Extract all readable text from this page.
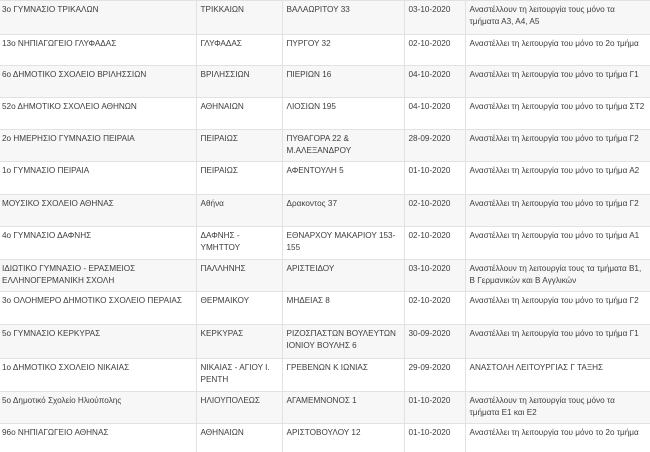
3ο ΓΥΜΝΑΣΙΟ ΤΡΙΚΑΛΩΝ	ΤΡΙΚΚΑΙΩΝ	ΒΑΛΑΩΡΙΤΟΥ 33	03-10-2020	Αναστέλλουν τη λειτουργία τους μόνο τα τμήματα Α3, Α4, Α5
13ο ΝΗΠΙΑΓΩΓΕΙΟ ΓΛΥΦΑΔΑΣ	ΓΛΥΦΑΔΑΣ	ΠΥΡΓΟΥ 32	02-10-2020	Αναστέλλει τη λειτουργία του μόνο το 2ο τμήμα
6ο ΔΗΜΟΤΙΚΟ ΣΧΟΛΕΙΟ ΒΡΙΛΗΣΣΙΩΝ	ΒΡΙΛΗΣΣΙΩΝ	ΠΙΕΡΙΩΝ 16	04-10-2020	Αναστέλλει τη λειτουργία του μόνο το τμήμα Γ1
52ο ΔΗΜΟΤΙΚΟ ΣΧΟΛΕΙΟ ΑΘΗΝΩΝ	ΑΘΗΝΑΙΩΝ	ΛΙΟΣΙΩΝ 195	04-10-2020	Αναστέλλει τη λειτουργία του μόνο το τμήμα ΣΤ2
2ο ΗΜΕΡΗΣΙΟ ΓΥΜΝΑΣΙΟ ΠΕΙΡΑΙΑ	ΠΕΙΡΑΙΩΣ	ΠΥΘΑΓΟΡΑ 22 & Μ.ΑΛΕΞΑΝΔΡΟΥ	28-09-2020	Αναστέλλει τη λειτουργία του μόνο το τμήμα Γ2
1ο ΓΥΜΝΑΣΙΟ ΠΕΙΡΑΙΑ	ΠΕΙΡΑΙΩΣ	ΑΦΕΝΤΟΥΛΗ 5	01-10-2020	Αναστέλλει τη λειτουργία του μόνο το τμήμα Α2
ΜΟΥΣΙΚΟ ΣΧΟΛΕΙΟ ΑΘΗΝΑΣ	Αθήνα	Δρακοντος 37	02-10-2020	Αναστέλλει τη λειτουργία του μόνο το τμήμα Γ2
4ο ΓΥΜΝΑΣΙΟ ΔΑΦΝΗΣ	ΔΑΦΝΗΣ - ΥΜΗΤΤΟΥ	ΕΘΝΑΡΧΟΥ ΜΑΚΑΡΙΟΥ 153-155	02-10-2020	Αναστέλλει τη λειτουργία του μόνο το τμήμα Α1
ΙΔΙΩΤΙΚΟ ΓΥΜΝΑΣΙΟ - ΕΡΑΣΜΕΙΟΣ ΕΛΛΗΝΟΓΕΡΜΑΝΙΚΗ ΣΧΟΛΗ	ΠΑΛΛΗΝΗΣ	ΑΡΙΣΤΕΙΔΟΥ	03-10-2020	Αναστέλλουν τη λειτουργία τους τα τμήματα Β1, Β Γερμανικών και Β Αγγλικών
3ο ΟΛΟΗΜΕΡΟ ΔΗΜΟΤΙΚΟ ΣΧΟΛΕΙΟ ΠΕΡΑΙΑΣ	ΘΕΡΜΑΙΚΟΥ	ΜΗΔΕΙΑΣ 8	02-10-2020	Αναστέλλει τη λειτουργία του μόνο το τμήμα Γ2
5ο ΓΥΜΝΑΣΙΟ ΚΕΡΚΥΡΑΣ	ΚΕΡΚΥΡΑΣ	ΡΙΖΟΣΠΑΣΤΩΝ ΒΟΥΛΕΥΤΩΝ ΙΟΝΙΟΥ ΒΟΥΛΗΣ 6	30-09-2020	Αναστέλλει τη λειτουργία του μόνο το τμήμα Γ1
1ο ΔΗΜΟΤΙΚΟ ΣΧΟΛΕΙΟ ΝΙΚΑΙΑΣ	ΝΙΚΑΙΑΣ - ΑΓΙΟΥ Ι. ΡΕΝΤΗ	ΓΡΕΒΕΝΩΝ Κ ΙΩΝΙΑΣ	29-09-2020	ΑΝΑΣΤΟΛΗ ΛΕΙΤΟΥΡΓΙΑΣ Γ ΤΑΞΗΣ
5ο Δημοτικό Σχολείο Ηλιούπολης	ΗΛΙΟΥΠΟΛΕΩΣ	ΑΓΑΜΕΜΝΟΝΟΣ 1	01-10-2020	Αναστέλλουν τη λειτουργία τους μόνο τα τμήματα Ε1 και Ε2
96ο ΝΗΠΙΑΓΩΓΕΙΟ ΑΘΗΝΑΣ	ΑΘΗΝΑΙΩΝ	ΑΡΙΣΤΟΒΟΥΛΟΥ 12	01-10-2020	Αναστέλλει τη λειτουργία του μόνο το 2ο τμήμα
